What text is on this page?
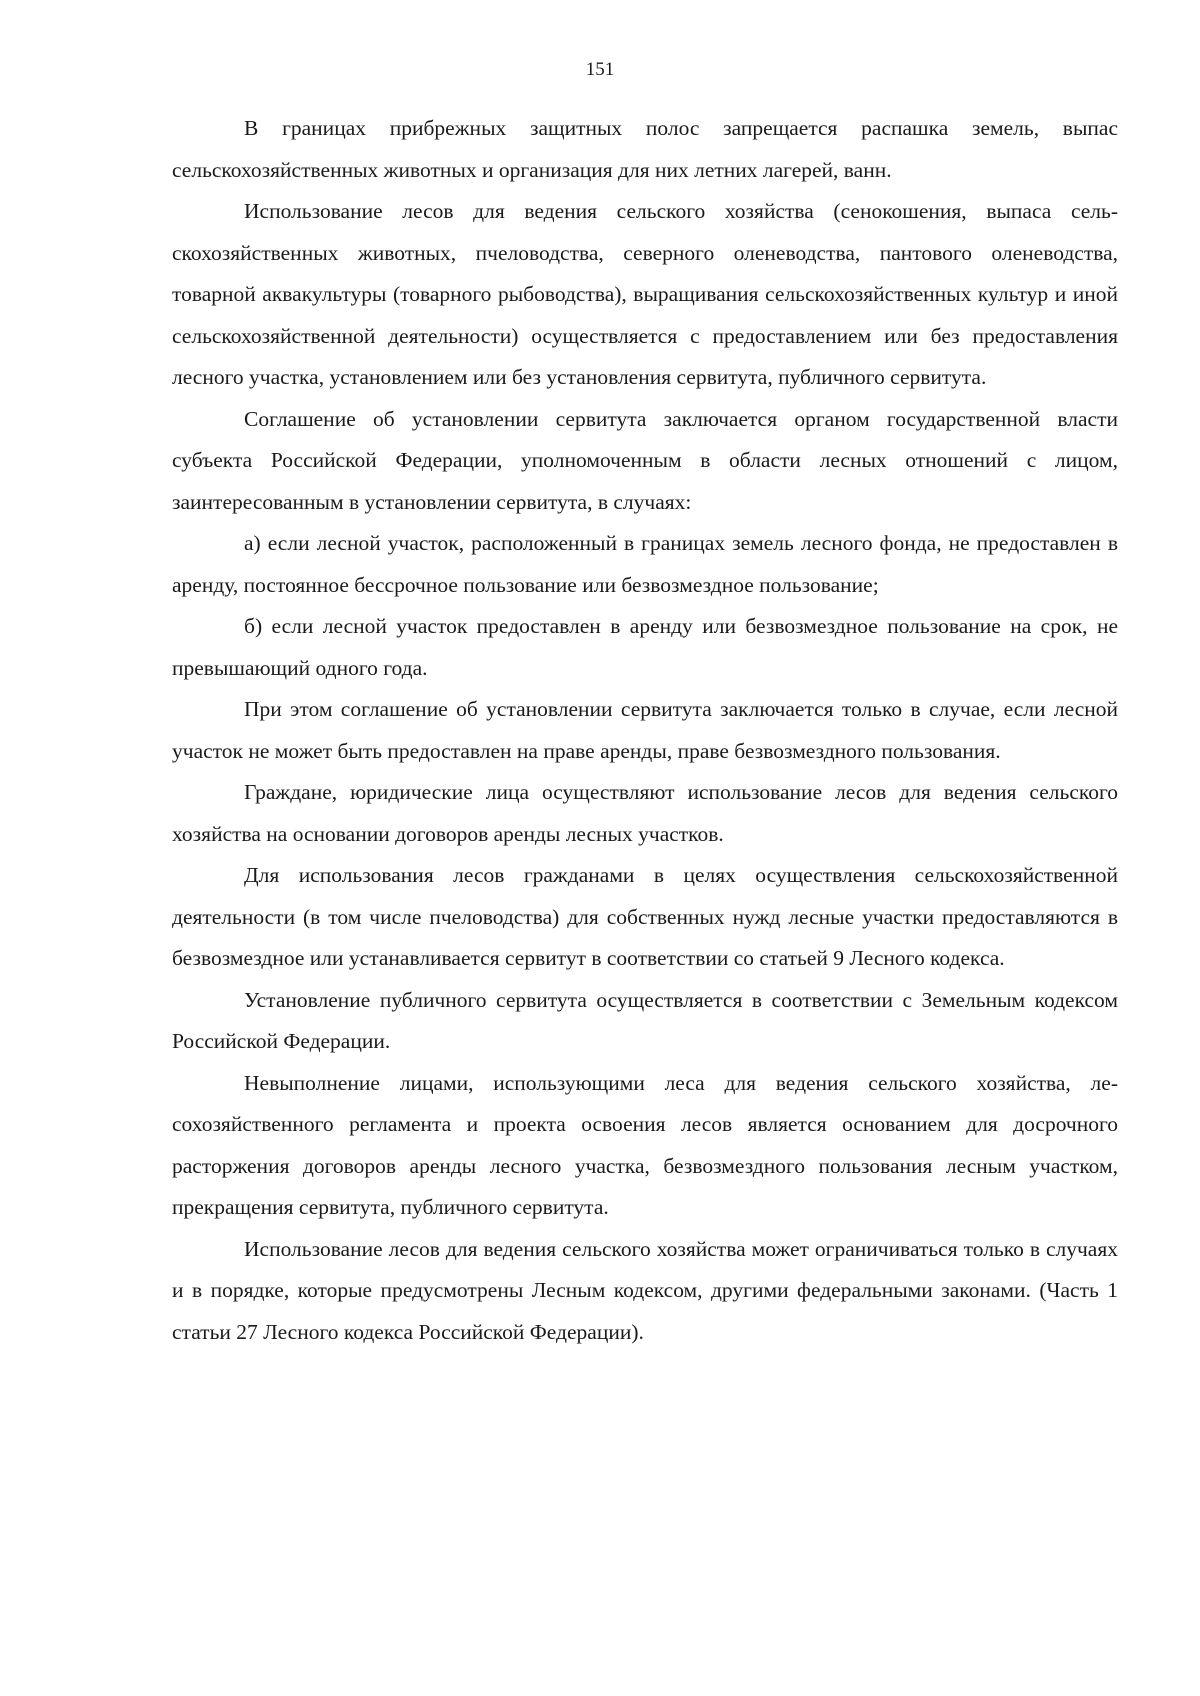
151

В границах прибрежных защитных полос запрещается распашка земель, выпас сельскохозяйственных животных и организация для них летних лагерей, ванн.

Использование лесов для ведения сельского хозяйства (сенокошения, выпаса сельскохозяйственных животных, пчеловодства, северного оленеводства, пантового оленеводства, товарной аквакультуры (товарного рыбоводства), выращивания сельскохозяйственных культур и иной сельскохозяйственной деятельности) осуществляется с предоставлением или без предоставления лесного участка, установлением или без установления сервитута, публичного сервитута.

Соглашение об установлении сервитута заключается органом государственной власти субъекта Российской Федерации, уполномоченным в области лесных отношений с лицом, заинтересованным в установлении сервитута, в случаях:

а) если лесной участок, расположенный в границах земель лесного фонда, не предоставлен в аренду, постоянное бессрочное пользование или безвозмездное пользование;

б) если лесной участок предоставлен в аренду или безвозмездное пользование на срок, не превышающий одного года.

При этом соглашение об установлении сервитута заключается только в случае, если лесной участок не может быть предоставлен на праве аренды, праве безвозмездного пользования.

Граждане, юридические лица осуществляют использование лесов для ведения сельского хозяйства на основании договоров аренды лесных участков.

Для использования лесов гражданами в целях осуществления сельскохозяйственной деятельности (в том числе пчеловодства) для собственных нужд лесные участки предоставляются в безвозмездное или устанавливается сервитут в соответствии со статьей 9 Лесного кодекса.

Установление публичного сервитута осуществляется в соответствии с Земельным кодексом Российской Федерации.

Невыполнение лицами, использующими леса для ведения сельского хозяйства, лесохозяйственного регламента и проекта освоения лесов является основанием для досрочного расторжения договоров аренды лесного участка, безвозмездного пользования лесным участком, прекращения сервитута, публичного сервитута.

Использование лесов для ведения сельского хозяйства может ограничиваться только в случаях и в порядке, которые предусмотрены Лесным кодексом, другими федеральными законами. (Часть 1 статьи 27 Лесного кодекса Российской Федерации).
